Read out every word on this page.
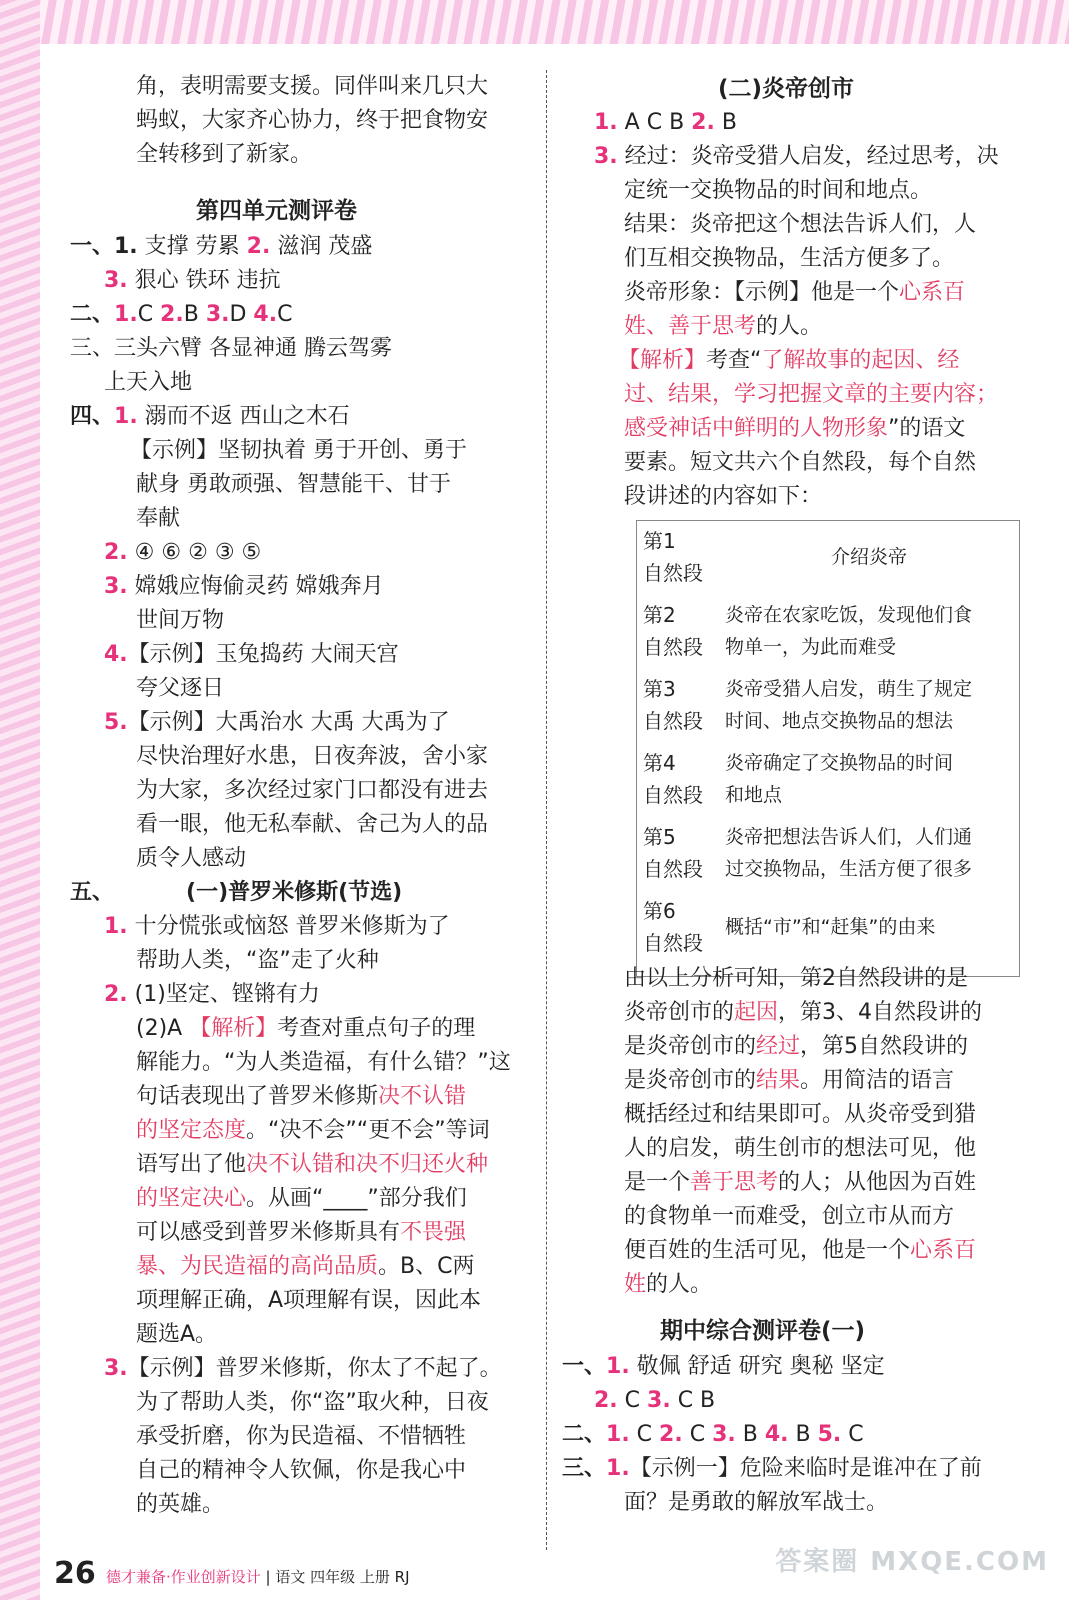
角，表明需要支援。同伴叫来几只大
蚂蚁，大家齐心协力，终于把食物安
全转移到了新家。
第四单元测评卷
一、1. 支撑 劳累 2. 滋润 茂盛
3. 狠心 铁环 违抗
二、1.C 2.B 3.D 4.C
三、三头六臂 各显神通 腾云驾雾
上天入地
四、1. 溺而不返 西山之木石
【示例】坚韧执着 勇于开创、勇于
献身 勇敢顽强、智慧能干、甘于
奉献
2. ④ ⑥ ② ③ ⑤
3. 嫦娥应悔偷灵药 嫦娥奔月
世间万物
4.【示例】玉兔捣药 大闹天宫
夸父逐日
5.【示例】大禹治水 大禹 大禹为了
尽快治理好水患，日夜奔波，舍小家
为大家，多次经过家门口都没有进去
看一眼，他无私奉献、舍己为人的品
质令人感动
五、	(一)普罗米修斯(节选)
1. 十分慌张或恼怒 普罗米修斯为了
帮助人类，“盗”走了火种
2. (1)坚定、铿锵有力
(2)A 【解析】考查对重点句子的理
解能力。“为人类造福，有什么错？”这
句话表现出了普罗米修斯决不认错
的坚定态度。“决不会”“更不会”等词
语写出了他决不认错和决不归还火种
的坚定决心。从画“____”部分我们
可以感受到普罗米修斯具有不畏强
暴、为民造福的高尚品质。B、C两
项理解正确，A项理解有误，因此本
题选A。
3.【示例】普罗米修斯，你太了不起了。
为了帮助人类，你“盗”取火种，日夜
承受折磨，你为民造福、不惜牺牲
自己的精神令人钦佩，你是我心中
的英雄。
(二)炎帝创市
1. A C B 2. B
3. 经过：炎帝受猎人启发，经过思考，决
定统一交换物品的时间和地点。
结果：炎帝把这个想法告诉人们，人
们互相交换物品，生活方便多了。
炎帝形象：【示例】他是一个心系百
姓、善于思考的人。
【解析】考查“了解故事的起因、经
过、结果，学习把握文章的主要内容；
感受神话中鲜明的人物形象”的语文
要素。短文共六个自然段，每个自然
段讲述的内容如下：
第1
自然段
介绍炎帝
第2
自然段
炎帝在农家吃饭，发现他们食
物单一，为此而难受
第3
自然段
炎帝受猎人启发，萌生了规定
时间、地点交换物品的想法
第4
自然段
炎帝确定了交换物品的时间
和地点
第5
自然段
炎帝把想法告诉人们，人们通
过交换物品，生活方便了很多
第6
自然段
概括“市”和“赶集”的由来
由以上分析可知，第2自然段讲的是
炎帝创市的起因，第3、4自然段讲的
是炎帝创市的经过，第5自然段讲的
是炎帝创市的结果。用简洁的语言
概括经过和结果即可。从炎帝受到猎
人的启发，萌生创市的想法可见，他
是一个善于思考的人；从他因为百姓
的食物单一而难受，创立市从而方
便百姓的生活可见，他是一个心系百
姓的人。
期中综合测评卷(一)
一、1. 敬佩 舒适 研究 奥秘 坚定
2. C 3. C B
二、1. C 2. C 3. B 4. B 5. C
三、1.【示例一】危险来临时是谁冲在了前
面？是勇敢的解放军战士。
26 德才兼备·作业创新设计 | 语文 四年级 上册 RJ	答案圈 MXQE.COM
